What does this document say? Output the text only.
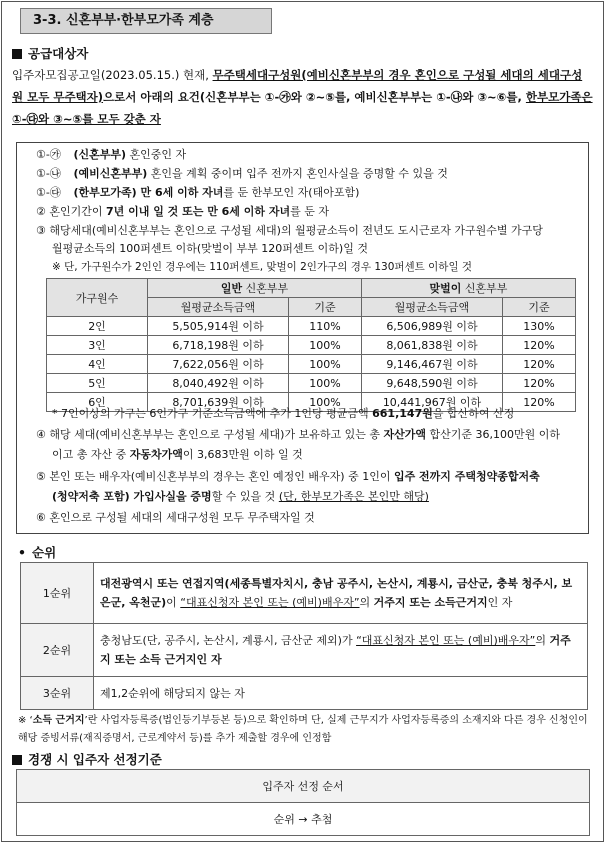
3-3. 신혼부부·한부모가족 계층
공급대상자
입주자모집공고일(2023.05.15.) 현재, 무주택세대구성원(예비신혼부부의 경우 혼인으로 구성될 세대의 세대구성원 모두 무주택자)으로서 아래의 요건(신혼부부는 ①-㉮와 ②~⑤를, 예비신혼부부는 ①-㉯와 ③~⑥를, 한부모가족은 ①-㉰와 ③~⑤를 모두 갖춘 자
①-㉮ (신혼부부) 혼인중인 자
①-㉯ (예비신혼부부) 혼인을 계획 중이며 입주 전까지 혼인사실을 증명할 수 있을 것
①-㉰ (한부모가족) 만 6세 이하 자녀를 둔 한부모인 자(태아포함)
② 혼인기간이 7년 이내 일 것 또는 만 6세 이하 자녀를 둔 자
③ 해당세대(예비신혼부부는 혼인으로 구성될 세대)의 월평균소득이 전년도 도시근로자 가구원수별 가구당
월평균소득의 100퍼센트 이하(맞벌이 부부 120퍼센트 이하)일 것
※ 단, 가구원수가 2인인 경우에는 110퍼센트, 맞벌이 2인가구의 경우 130퍼센트 이하일 것
가구원수	일반 신혼부부		맞벌이 신혼부부	
	월평균소득금액	기준	월평균소득금액	기준
2인	5,505,914원 이하	110%	6,506,989원 이하	130%
3인	6,718,198원 이하	100%	8,061,838원 이하	120%
4인	7,622,056원 이하	100%	9,146,467원 이하	120%
5인	8,040,492원 이하	100%	9,648,590원 이하	120%
6인	8,701,639원 이하	100%	10,441,967원 이하	120%
* 7인이상의 가구는 6인가구 기준소득금액에 추가 1인당 평균금액 661,147원을 합산하여 산정
④ 해당 세대(예비신혼부부는 혼인으로 구성될 세대)가 보유하고 있는 총 자산가액 합산기준 36,100만원 이하
이고 총 자산 중 자동차가액이 3,683만원 이하 일 것
⑤ 본인 또는 배우자(예비신혼부부의 경우는 혼인 예정인 배우자) 중 1인이 입주 전까지 주택청약종합저축
(청약저축 포함) 가입사실을 증명할 수 있을 것 (단, 한부모가족은 본인만 해당)
⑥ 혼인으로 구성될 세대의 세대구성원 모두 무주택자일 것
• 순위
1순위	대전광역시 또는 연접지역(세종특별자치시, 충남 공주시, 논산시, 계룡시, 금산군, 충북 청주시, 보은군, 옥천군)이 “대표신청자 본인 또는 (예비)배우자”의 거주지 또는 소득근거지인 자
2순위	충청남도(단, 공주시, 논산시, 계룡시, 금산군 제외)가 “대표신청자 본인 또는 (예비)배우자”의 거주지 또는 소득 근거지인 자
3순위	제1,2순위에 해당되지 않는 자
※ ‘소득 근거지’란 사업자등록증(법인등기부등본 등)으로 확인하며 단, 실제 근무지가 사업자등록증의 소재지와 다른 경우 신청인이 해당 증빙서류(재직증명서, 근로계약서 등)를 추가 제출할 경우에 인정함
경쟁 시 입주자 선정기준
입주자 선정 순서
순위 → 추첨
